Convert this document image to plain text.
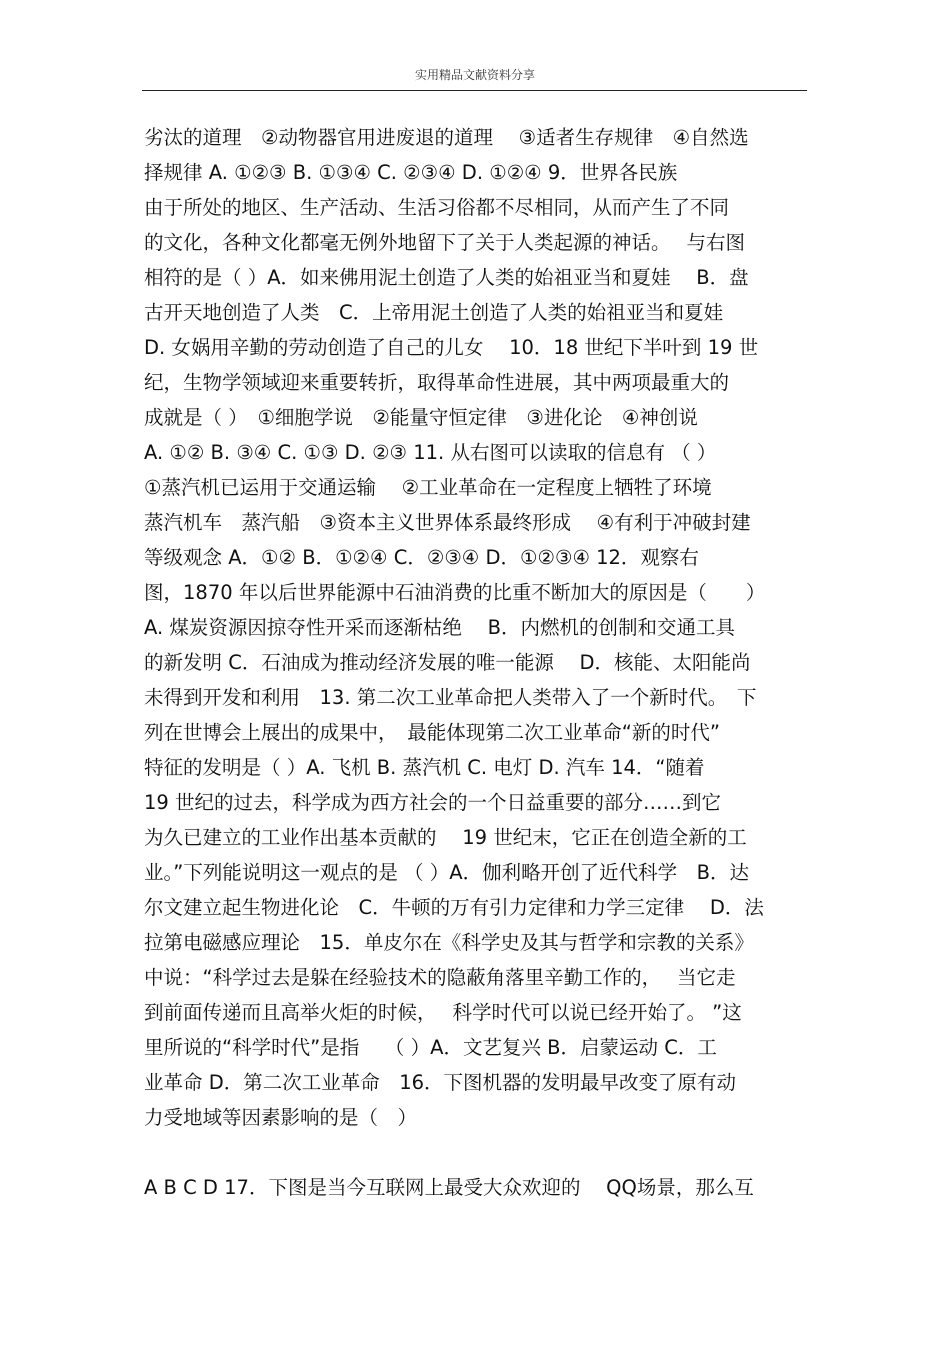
实用精品文献资料分享
劣汰的道理　②动物器官用进废退的道理　 ③适者生存规律　④自然选
择规律 A. ①②③ B. ①③④ C. ②③④ D. ①②④ 9．世界各民族
由于所处的地区、生产活动、生活习俗都不尽相同，从而产生了不同
的文化，各种文化都毫无例外地留下了关于人类起源的神话。　 与右图
相符的是（ ）A．如来佛用泥土创造了人类的始祖亚当和夏娃　 B．盘
古开天地创造了人类　C．上帝用泥土创造了人类的始祖亚当和夏娃
D. 女娲用辛勤的劳动创造了自己的儿女　 10．18 世纪下半叶到 19 世
纪，生物学领域迎来重要转折，取得革命性进展，其中两项最重大的
成就是（ ）　①细胞学说　②能量守恒定律　③进化论　④神创说
A. ①② B. ③④ C. ①③ D. ②③ 11. 从右图可以读取的信息有 （ ）
①蒸汽机已运用于交通运输　 ②工业革命在一定程度上牺牲了环境
蒸汽机车　蒸汽船　③资本主义世界体系最终形成　 ④有利于冲破封建
等级观念 A．①② B．①②④ C．②③④ D．①②③④ 12．观察右
图，1870 年以后世界能源中石油消费的比重不断加大的原因是（　　）
A. 煤炭资源因掠夺性开采而逐渐枯绝　 B．内燃机的创制和交通工具
的新发明 C．石油成为推动经济发展的唯一能源　 D．核能、太阳能尚
未得到开发和利用　13. 第二次工业革命把人类带入了一个新时代。　下
列在世博会上展出的成果中，　最能体现第二次工业革命“新的时代”
特征的发明是（ ）A. 飞机 B. 蒸汽机 C. 电灯 D. 汽车 14．“随着
19 世纪的过去，科学成为西方社会的一个日益重要的部分……到它
为久已建立的工业作出基本贡献的　 19 世纪末，它正在创造全新的工
业。”下列能说明这一观点的是 （ ）A．伽利略开创了近代科学　B．达
尔文建立起生物进化论　C．牛顿的万有引力定律和力学三定律　 D．法
拉第电磁感应理论　15．单皮尔在《科学史及其与哲学和宗教的关系》
中说：“科学过去是躲在经验技术的隐蔽角落里辛勤工作的，　 当它走
到前面传递而且高举火炬的时候，　 科学时代可以说已经开始了。 ”这
里所说的“科学时代”是指　 （ ）A．文艺复兴 B．启蒙运动 C．工
业革命 D．第二次工业革命　16．下图机器的发明最早改变了原有动
力受地域等因素影响的是（　）
A B C D 17．下图是当今互联网上最受大众欢迎的　 QQ场景，那么互
